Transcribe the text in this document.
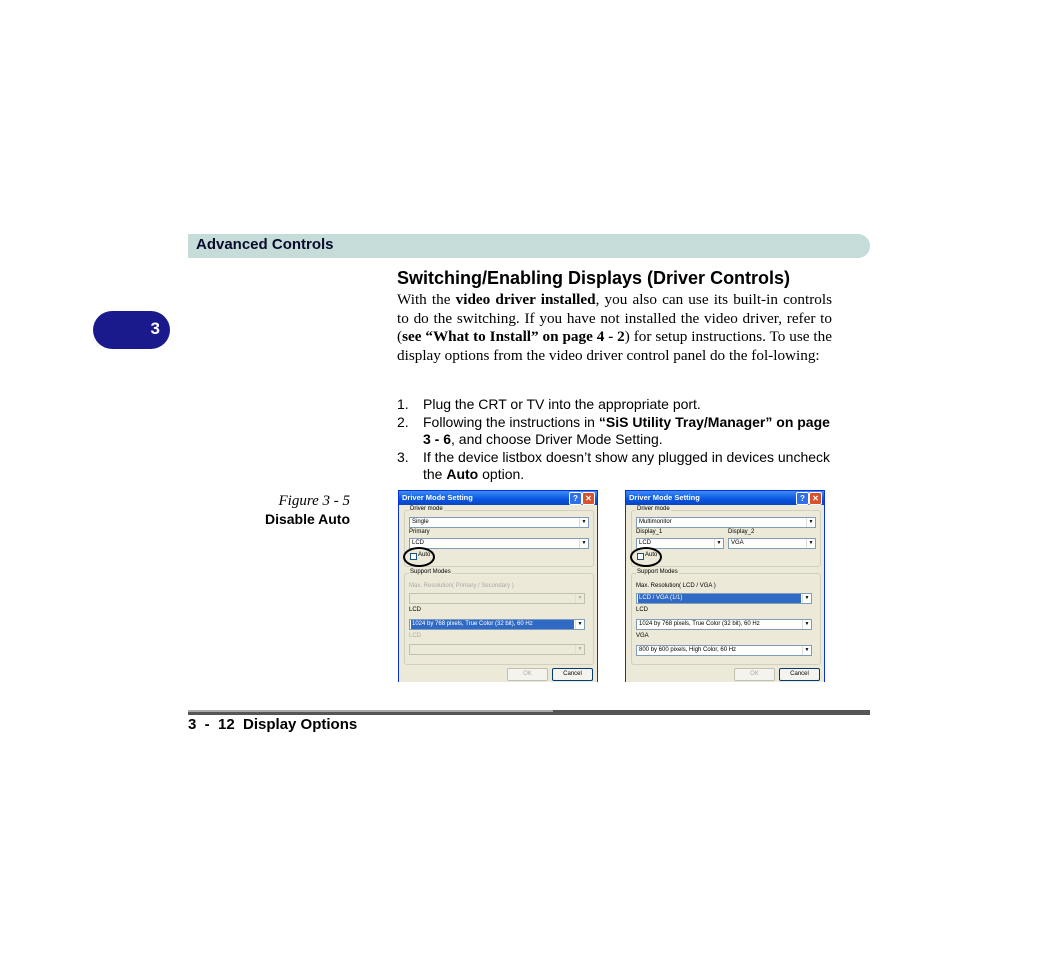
Advanced Controls
3
Switching/Enabling Displays (Driver Controls)
With the video driver installed, you also can use its built-in controls to do the switching. If you have not installed the video driver, refer to (see “What to Install” on page 4 - 2) for setup instructions. To use the display options from the video driver control panel do the fol-lowing:
1.	Plug the CRT or TV into the appropriate port.
2.	Following the instructions in “SiS Utility Tray/Manager” on page 3 - 6, and choose Driver Mode Setting.
3.	If the device listbox doesn’t show any plugged in devices uncheck the Auto option.
Figure 3 - 5
Disable Auto
Driver Mode Setting	? ✕
Driver mode
Single	▼
Primary
LCD	▼
Auto
Support Modes
Max. Resolution( Primary / Secondary )
▼
LCD
1024 by 768 pixels, True Color (32 bit), 60 Hz	▼
LCD
▼
OK	Cancel
Driver Mode Setting	? ✕
Driver mode
Multimonitor	▼
Display_1	Display_2
LCD	▼ VGA	▼
Auto
Support Modes
Max. Resolution( LCD / VGA )
LCD / VGA (1/1)	▼
LCD
1024 by 768 pixels, True Color (32 bit), 60 Hz	▼
VGA
800 by 600 pixels, High Color, 60 Hz	▼
OK	Cancel
3  -  12  Display Options
